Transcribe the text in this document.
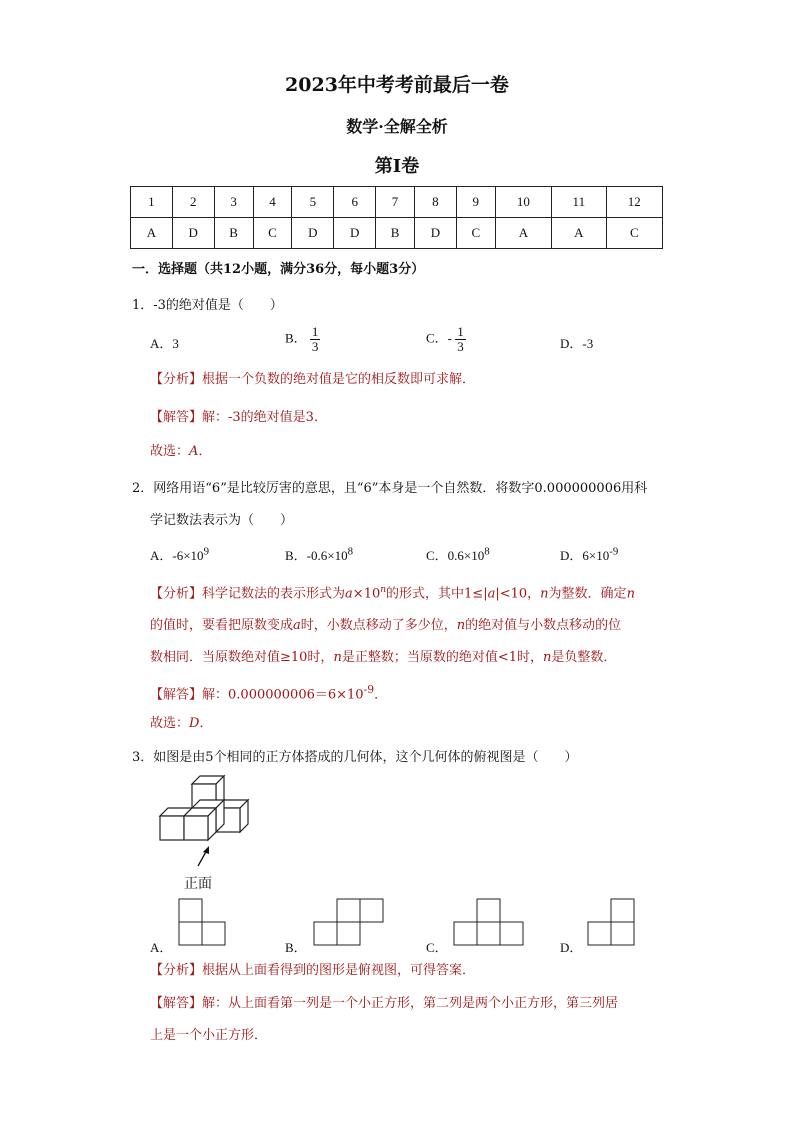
2023年中考考前最后一卷
数学·全解全析
第Ⅰ卷
1	2	3	4	5	6	7	8	9	10	11	12
A	D	B	C	D	D	B	D	C	A	A	C
一．选择题（共12小题，满分36分，每小题3分）
1．-3的绝对值是（　　）
A．3	B． $\frac{1}{3}$	C．- $\frac{1}{3}$	D．-3
【分析】根据一个负数的绝对值是它的相反数即可求解．
【解答】解：-3的绝对值是3．
故选：A．
2．网络用语“6”是比较厉害的意思，且“6”本身是一个自然数．将数字0.000000006用科
学记数法表示为（　　）
A．$-6\times 10^9$	B．$-0.6\times 10^8$	C．$0.6\times 10^8$	D．$6\times 10^{-9}$
【分析】科学记数法的表示形式为$a\times 10^n$的形式，其中1≤|a|<10，n为整数．确定n
的值时，要看把原数变成a时，小数点移动了多少位，n的绝对值与小数点移动的位
数相同．当原数绝对值≥10时，n是正整数；当原数的绝对值<1时，n是负整数．
【解答】解：$0.000000006=6\times 10^{-9}$．
故选：D．
3．如图是由5个相同的正方体搭成的几何体，这个几何体的俯视图是（　　）
正面
A．	B．	C．	D．
【分析】根据从上面看得到的图形是俯视图，可得答案．
【解答】解：从上面看第一列是一个小正方形，第二列是两个小正方形，第三列居
上是一个小正方形．
